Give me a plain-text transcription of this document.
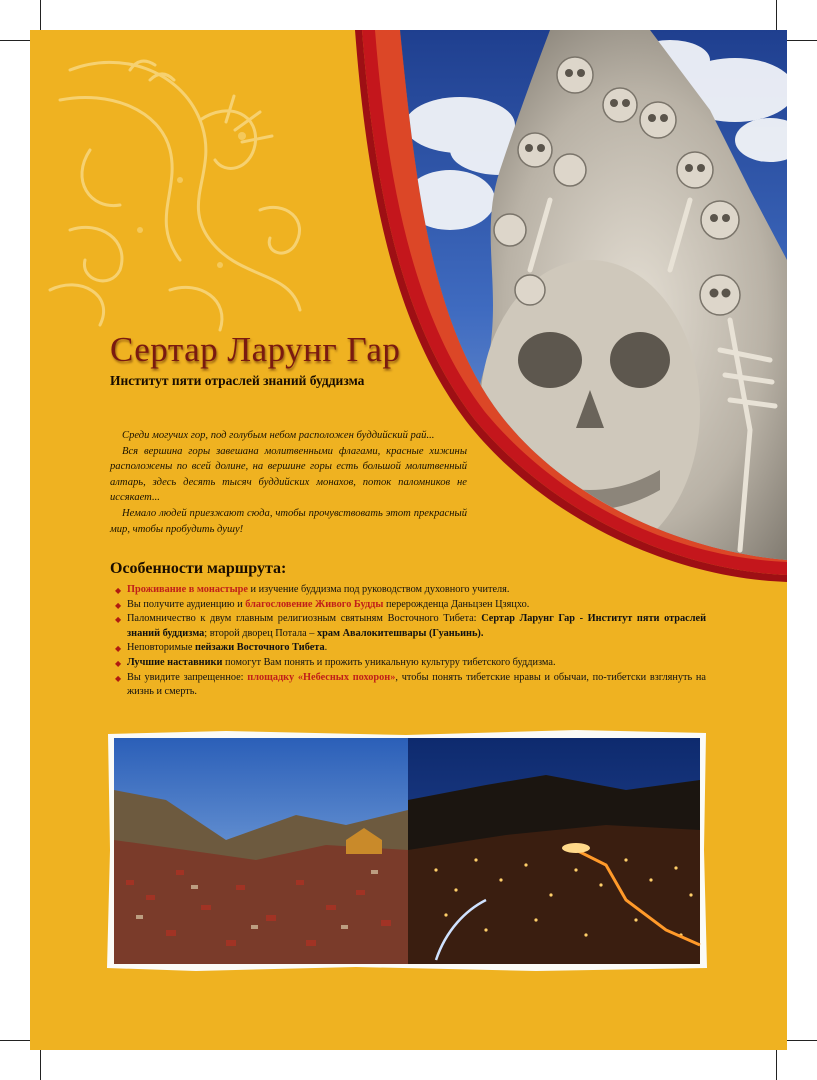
Сертар Ларунг Гар
Институт пяти отраслей знаний буддизма

Среди могучих гор, под голубым небом расположен буддийский рай...

Вся вершина горы завешана молитвенными флагами, красные хижины расположены по всей долине, на вершине горы есть большой молитвенный алтарь, здесь десять тысяч буддийских монахов, поток паломников не иссякает...

Немало людей приезжают сюда, чтобы прочувствовать этот прекрасный мир, чтобы пробудить душу!

Особенности маршрута:
◆ Проживание в монастыре и изучение буддизма под руководством духовного учителя.
◆ Вы получите аудиенцию и благословение Живого Будды перерожденца Даньцзен Цзяцхо.
◆ Паломничество к двум главным религиозным святыням Восточного Тибета: Сертар Ларунг Гар - Институт пяти отраслей знаний буддизма; второй дворец Потала – храм Авалокитешвары (Гуаньинь).
◆ Неповторимые пейзажи Восточного Тибета.
◆ Лучшие наставники помогут Вам понять и прожить уникальную культуру тибетского буддизма.
◆ Вы увидите запрещенное: площадку «Небесных похорон», чтобы понять тибетские нравы и обычаи, по-тибетски взглянуть на жизнь и смерть.
